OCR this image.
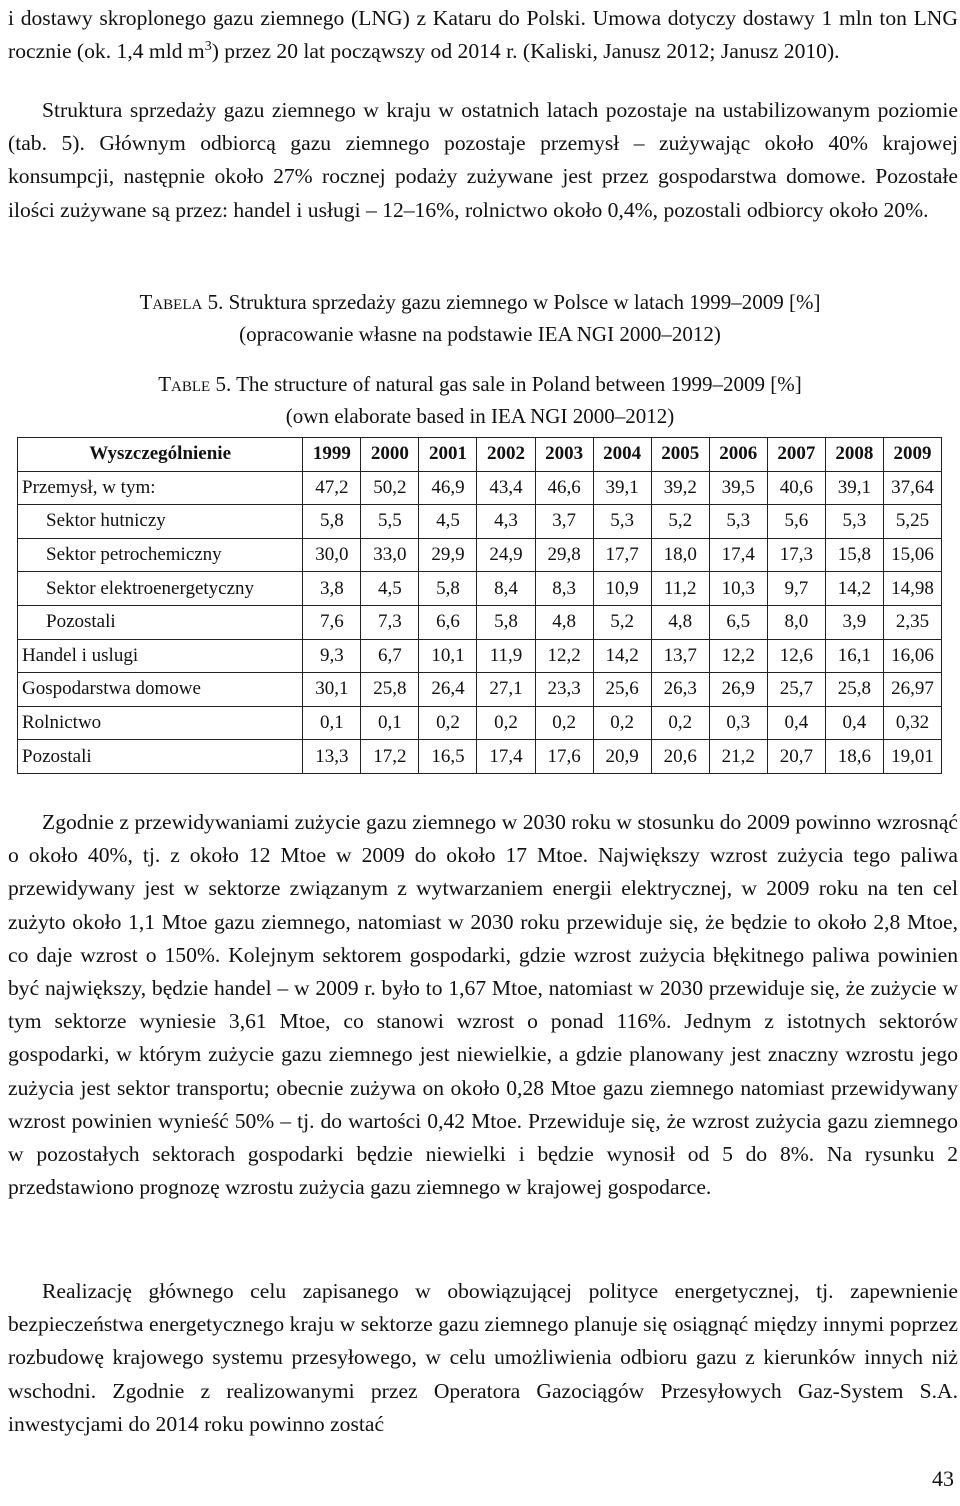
i dostawy skroplonego gazu ziemnego (LNG) z Kataru do Polski. Umowa dotyczy dostawy 1 mln ton LNG rocznie (ok. 1,4 mld $m^3$) przez 20 lat począwszy od 2014 r. (Kaliski, Janusz 2012; Janusz 2010).

Struktura sprzedaży gazu ziemnego w kraju w ostatnich latach pozostaje na ustabilizowanym poziomie (tab. 5). Głównym odbiorcą gazu ziemnego pozostaje przemysł – zużywając około 40% krajowej konsumpcji, następnie około 27% rocznej podaży zużywane jest przez gospodarstwa domowe. Pozostałe ilości zużywane są przez: handel i usługi – 12–16%, rolnictwo około 0,4%, pozostali odbiorcy około 20%.

Tabela 5. Struktura sprzedaży gazu ziemnego w Polsce w latach 1999–2009 [%]
(opracowanie własne na podstawie IEA NGI 2000–2012)
Table 5. The structure of natural gas sale in Poland between 1999–2009 [%]
(own elaborate based in IEA NGI 2000–2012)
Wyszczególnienie	1999	2000	2001	2002	2003	2004	2005	2006	2007	2008	2009
Przemysł, w tym:	47,2	50,2	46,9	43,4	46,6	39,1	39,2	39,5	40,6	39,1	37,64
Sektor hutniczy	5,8	5,5	4,5	4,3	3,7	5,3	5,2	5,3	5,6	5,3	5,25
Sektor petrochemiczny	30,0	33,0	29,9	24,9	29,8	17,7	18,0	17,4	17,3	15,8	15,06
Sektor elektroenergetyczny	3,8	4,5	5,8	8,4	8,3	10,9	11,2	10,3	9,7	14,2	14,98
Pozostali	7,6	7,3	6,6	5,8	4,8	5,2	4,8	6,5	8,0	3,9	2,35
Handel i uslugi	9,3	6,7	10,1	11,9	12,2	14,2	13,7	12,2	12,6	16,1	16,06
Gospodarstwa domowe	30,1	25,8	26,4	27,1	23,3	25,6	26,3	26,9	25,7	25,8	26,97
Rolnictwo	0,1	0,1	0,2	0,2	0,2	0,2	0,2	0,3	0,4	0,4	0,32
Pozostali	13,3	17,2	16,5	17,4	17,6	20,9	20,6	21,2	20,7	18,6	19,01

Zgodnie z przewidywaniami zużycie gazu ziemnego w 2030 roku w stosunku do 2009 powinno wzrosnąć o około 40%, tj. z około 12 Mtoe w 2009 do około 17 Mtoe. Największy wzrost zużycia tego paliwa przewidywany jest w sektorze związanym z wytwarzaniem energii elektrycznej, w 2009 roku na ten cel zużyto około 1,1 Mtoe gazu ziemnego, natomiast w 2030 roku przewiduje się, że będzie to około 2,8 Mtoe, co daje wzrost o 150%. Kolejnym sektorem gospodarki, gdzie wzrost zużycia błękitnego paliwa powinien być największy, będzie handel – w 2009 r. było to 1,67 Mtoe, natomiast w 2030 przewiduje się, że zużycie w tym sektorze wyniesie 3,61 Mtoe, co stanowi wzrost o ponad 116%. Jednym z istotnych sektorów gospodarki, w którym zużycie gazu ziemnego jest niewielkie, a gdzie planowany jest znaczny wzrostu jego zużycia jest sektor transportu; obecnie zużywa on około 0,28 Mtoe gazu ziemnego natomiast przewidywany wzrost powinien wynieść 50% – tj. do wartości 0,42 Mtoe. Przewiduje się, że wzrost zużycia gazu ziemnego w pozostałych sektorach gospodarki będzie niewielki i będzie wynosił od 5 do 8%. Na rysunku 2 przedstawiono prognozę wzrostu zużycia gazu ziemnego w krajowej gospodarce.

Realizację głównego celu zapisanego w obowiązującej polityce energetycznej, tj. zapewnienie bezpieczeństwa energetycznego kraju w sektorze gazu ziemnego planuje się osiągnąć między innymi poprzez rozbudowę krajowego systemu przesyłowego, w celu umożliwienia odbioru gazu z kierunków innych niż wschodni. Zgodnie z realizowanymi przez Operatora Gazociągów Przesyłowych Gaz-System S.A. inwestycjami do 2014 roku powinno zostać

43
